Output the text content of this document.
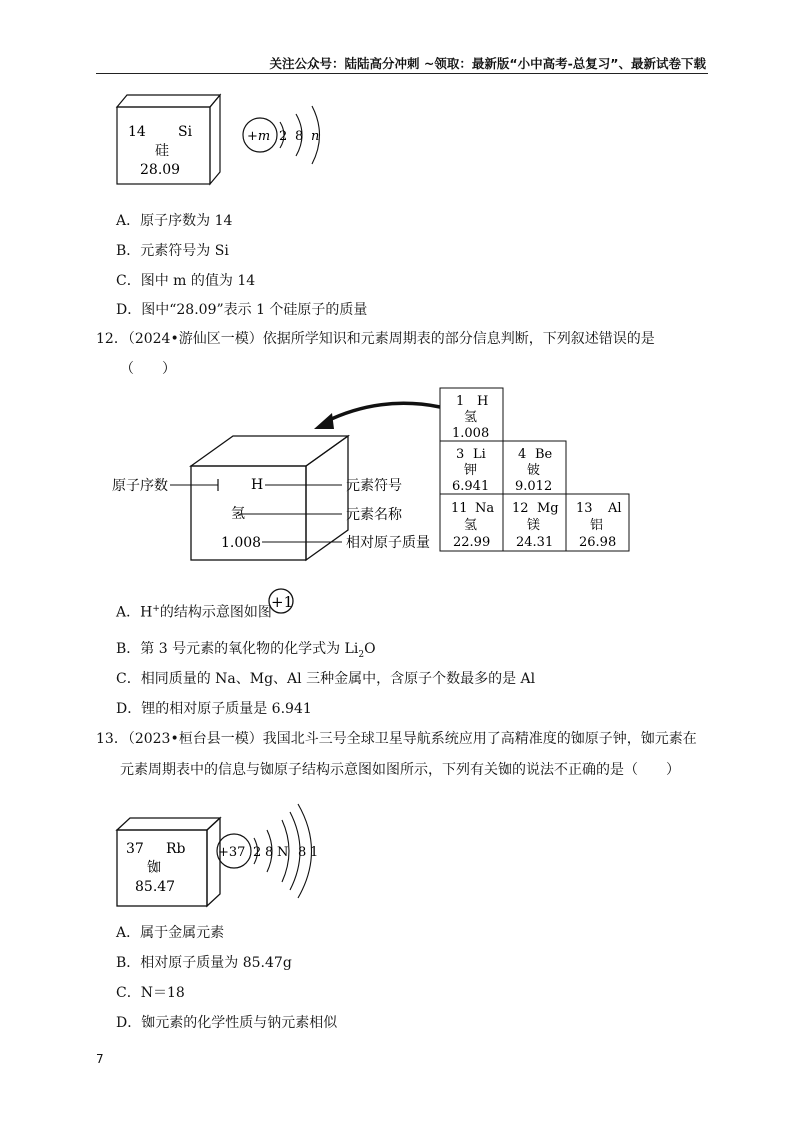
关注公众号：陆陆高分冲刺 ~领取：最新版“小中高考-总复习”、最新试卷下载
14 Si
硅
28.09
+m 2 8 n
A．原子序数为 14
B．元素符号为 Si
C．图中 m 的值为 14
D．图中“28.09”表示 1 个硅原子的质量
12．（2024•游仙区一模）依据所学知识和元素周期表的部分信息判断，下列叙述错误的是
（　　）
H
氢
1.008
原子序数	元素符号
元素名称
相对原子质量
1 H
氢
1.008
3 Li
钾
6.941
4 Be
铍
9.012
11 Na
氢
22.99
12 Mg
镁
24.31
13 Al
铝
26.98
A．H+的结构示意图如图
+1
B．第 3 号元素的氧化物的化学式为 $Li_2O$
C．相同质量的 Na、Mg、Al 三种金属中，含原子个数最多的是 Al
D．锂的相对原子质量是 6.941
13．（2023•桓台县一模）我国北斗三号全球卫星导航系统应用了高精准度的铷原子钟，铷元素在
元素周期表中的信息与铷原子结构示意图如图所示，下列有关铷的说法不正确的是（　　）
37 Rb
铷
85.47
+37 2 8 N 8 1
A．属于金属元素
B．相对原子质量为 85.47g
C．N＝18
D．铷元素的化学性质与钠元素相似
7
